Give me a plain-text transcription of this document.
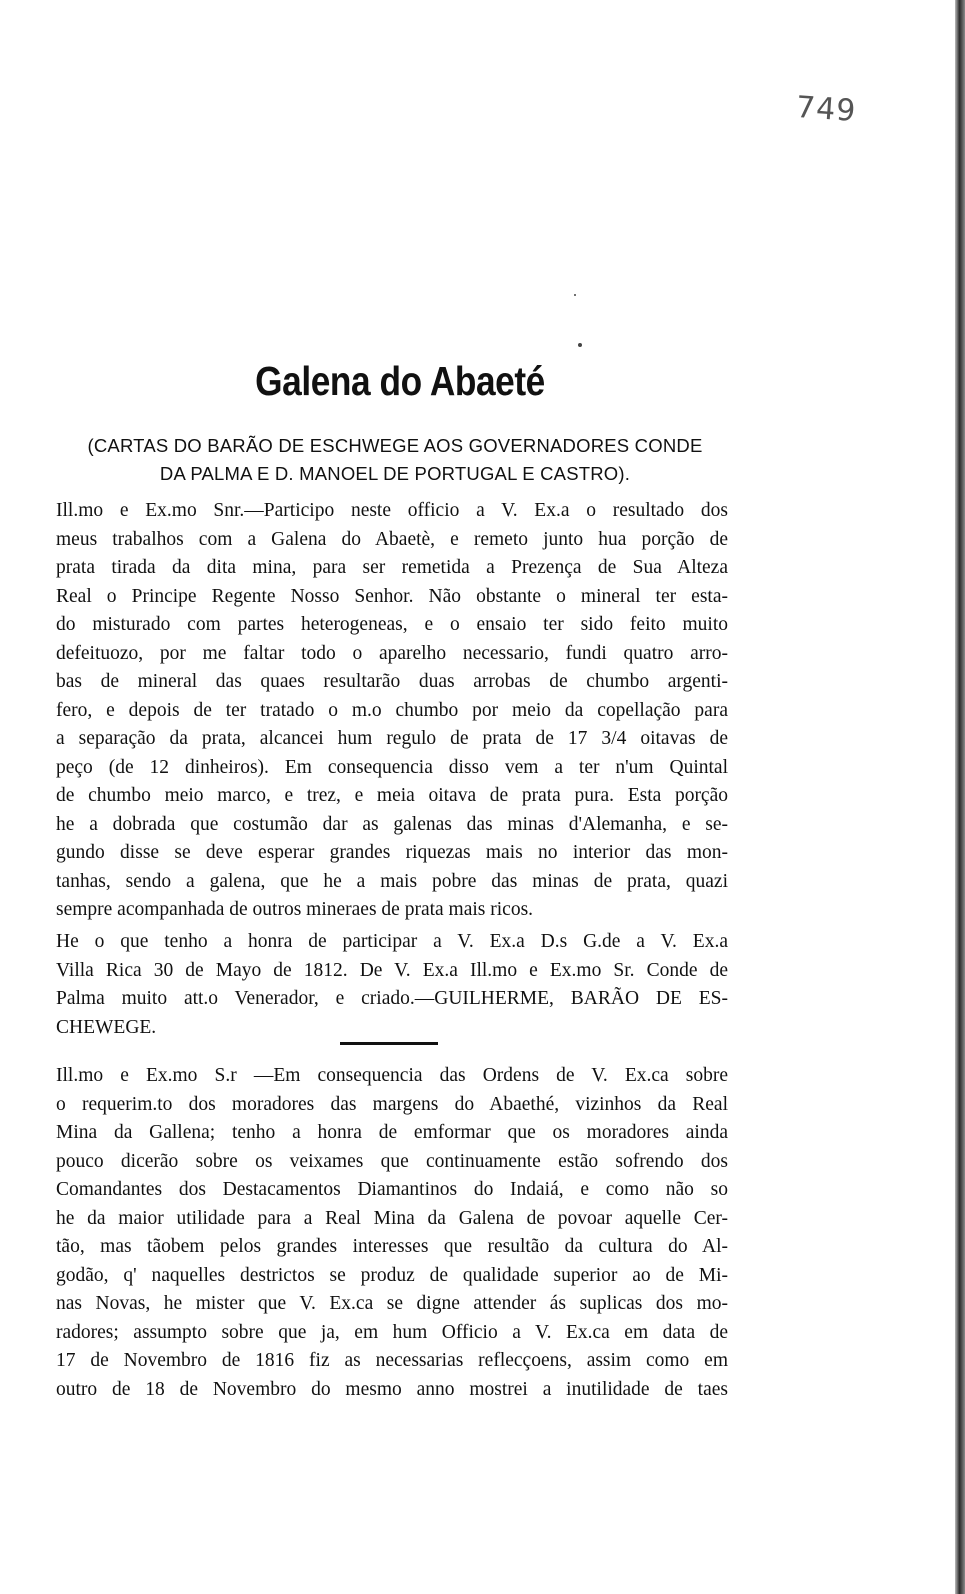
749
Galena do Abaeté
(CARTAS DO BARÃO DE ESCHWEGE AOS GOVERNADORES CONDE
DA PALMA E D. MANOEL DE PORTUGAL E CASTRO).
Ill.mo e Ex.mo Snr.—Participo neste officio a V. Ex.a o resultado dos
meus trabalhos com a Galena do Abaetè, e remeto junto hua porção de
prata tirada da dita mina, para ser remetida a Prezença de Sua Alteza
Real o Principe Regente Nosso Senhor. Não obstante o mineral ter esta-
do misturado com partes heterogeneas, e o ensaio ter sido feito muito
defeituozo, por me faltar todo o aparelho necessario, fundi quatro arro-
bas de mineral das quaes resultarão duas arrobas de chumbo argenti-
fero, e depois de ter tratado o m.o chumbo por meio da copellação para
a separação da prata, alcancei hum regulo de prata de 17 3/4 oitavas de
peço (de 12 dinheiros). Em consequencia disso vem a ter n'um Quintal
de chumbo meio marco, e trez, e meia oitava de prata pura. Esta porção
he a dobrada que costumão dar as galenas das minas d'Alemanha, e se-
gundo disse se deve esperar grandes riquezas mais no interior das mon-
tanhas, sendo a galena, que he a mais pobre das minas de prata, quazi
sempre acompanhada de outros mineraes de prata mais ricos.
He o que tenho a honra de participar a V. Ex.a D.s G.de a V. Ex.a
Villa Rica 30 de Mayo de 1812. De V. Ex.a Ill.mo e Ex.mo Sr. Conde de
Palma muito att.o Venerador, e criado.—GUILHERME, BARÃO DE ES-
CHEWEGE.
Ill.mo e Ex.mo S.r —Em consequencia das Ordens de V. Ex.ca sobre
o requerim.to dos moradores das margens do Abaethé, vizinhos da Real
Mina da Gallena; tenho a honra de emformar que os moradores ainda
pouco dicerão sobre os veixames que continuamente estão sofrendo dos
Comandantes dos Destacamentos Diamantinos do Indaiá, e como não so
he da maior utilidade para a Real Mina da Galena de povoar aquelle Cer-
tão, mas tãobem pelos grandes interesses que resultão da cultura do Al-
godão, q' naquelles destrictos se produz de qualidade superior ao de Mi-
nas Novas, he mister que V. Ex.ca se digne attender ás suplicas dos mo-
radores; assumpto sobre que ja, em hum Officio a V. Ex.ca em data de
17 de Novembro de 1816 fiz as necessarias reflecçoens, assim como em
outro de 18 de Novembro do mesmo anno mostrei a inutilidade de taes
